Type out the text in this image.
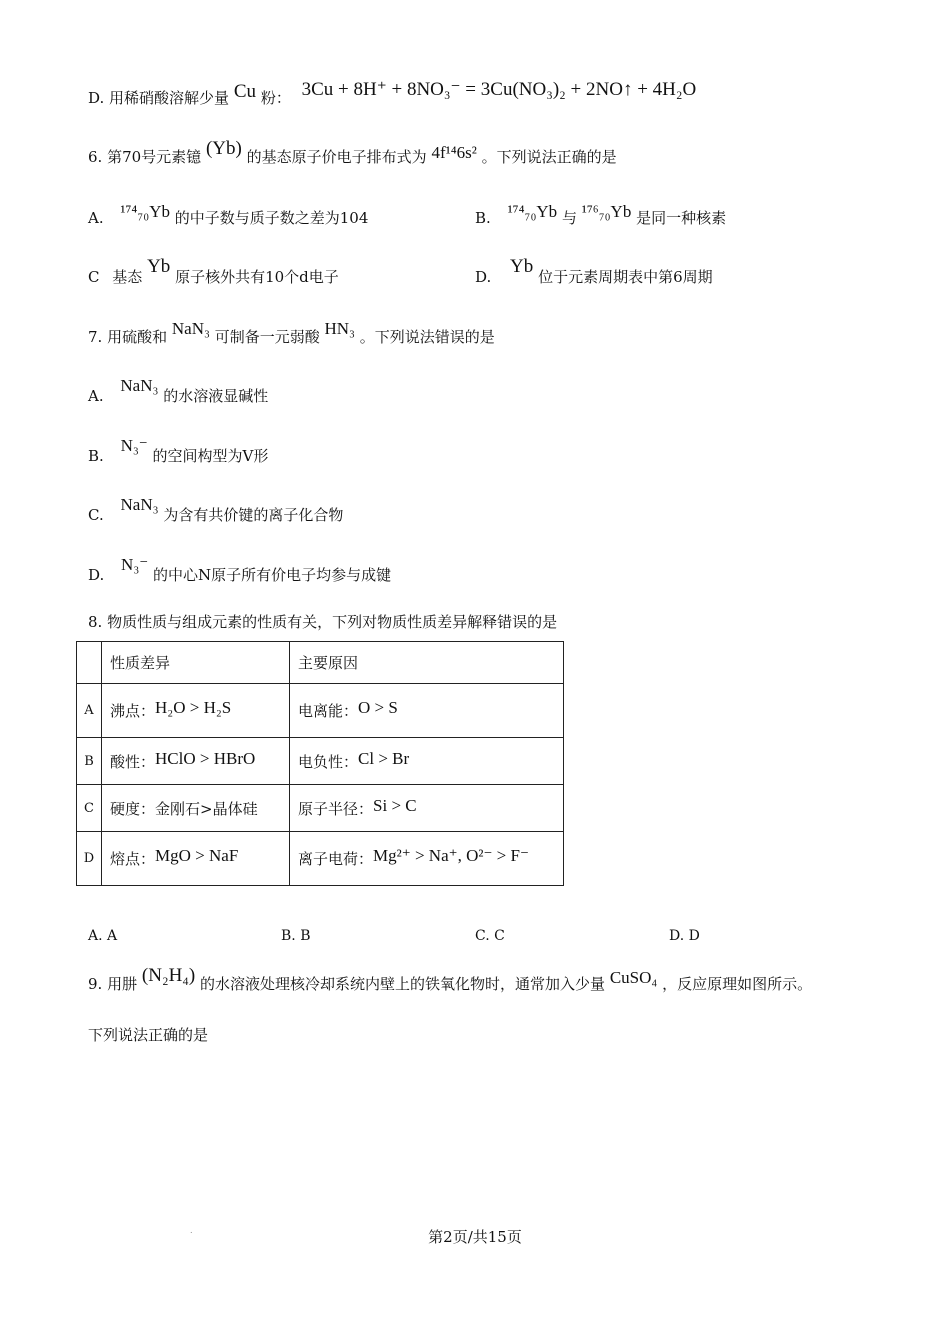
D. 用稀硝酸溶解少量 Cu 粉： 3Cu + 8H⁺ + 8NO₃⁻ = 3Cu(NO₃)₂ + 2NO↑ + 4H₂O
6. 第70号元素镱 (Yb) 的基态原子价电子排布式为 4f¹⁴6s² 。下列说法正确的是
A. ¹⁷⁴₇₀Yb 的中子数与质子数之差为104	B. ¹⁷⁴₇₀Yb 与 ¹⁷⁶₇₀Yb 是同一种核素
C 基态 Yb 原子核外共有10个d电子	D. Yb 位于元素周期表中第6周期
7. 用硫酸和 NaN₃ 可制备一元弱酸 HN₃ 。下列说法错误的是
A. NaN₃ 的水溶液显碱性
B. N₃⁻ 的空间构型为V形
C. NaN₃ 为含有共价键的离子化合物
D. N₃⁻ 的中心N原子所有价电子均参与成键
8. 物质性质与组成元素的性质有关，下列对物质性质差异解释错误的是
	性质差异	主要原因
A	沸点：H₂O > H₂S	电离能：O > S
B	酸性：HClO > HBrO	电负性：Cl > Br
C	硬度：金刚石>晶体硅	原子半径：Si > C
D	熔点：MgO > NaF	离子电荷：Mg²⁺ > Na⁺, O²⁻ > F⁻
A. A	B. B	C. C	D. D
9. 用肼 (N₂H₄) 的水溶液处理核冷却系统内壁上的铁氧化物时，通常加入少量 CuSO₄ ，反应原理如图所示。
下列说法正确的是
.	第2页/共15页
